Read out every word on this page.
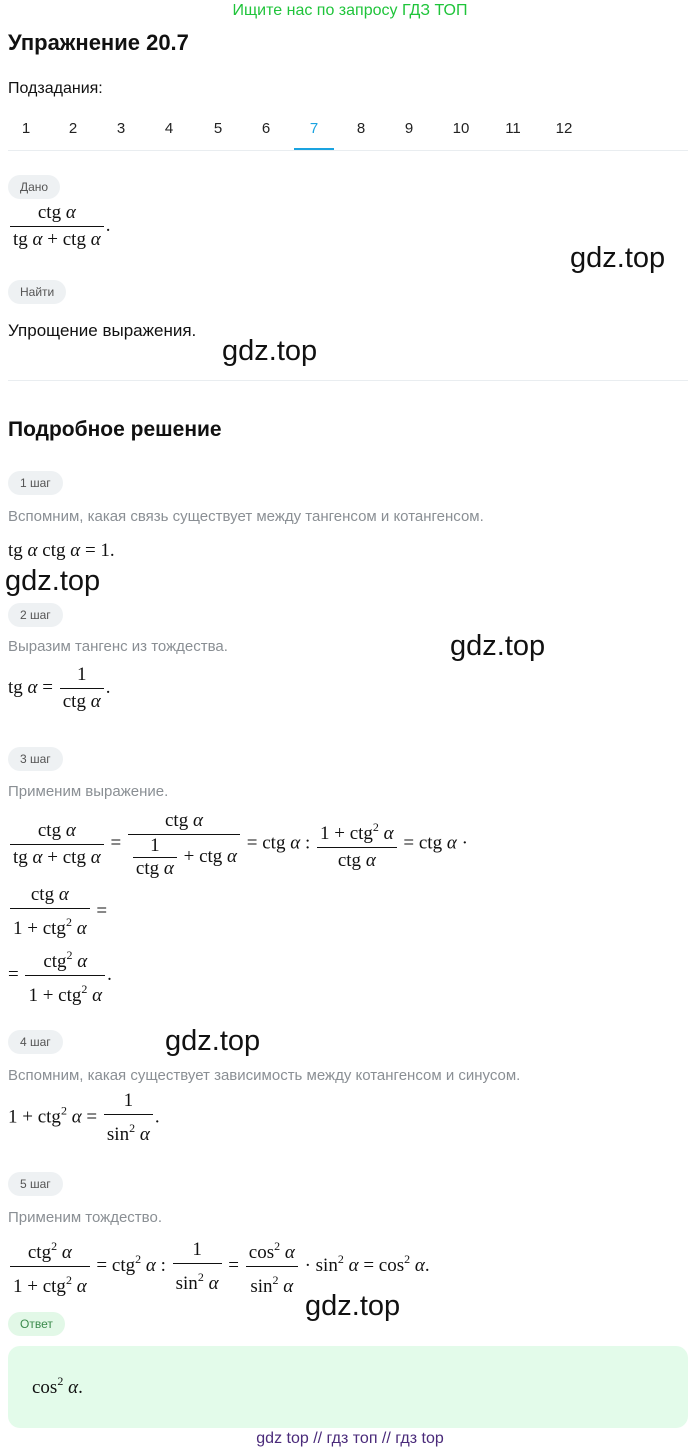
Ищите нас по запросу ГДЗ ТОП
Упражнение 20.7
Подзадания:
1	2	3	4	5	6	7	8	9	10	11	12
Дано
$\frac{\text{ctg α}}{\text{tg α + ctg α}}$ .
gdz.top
Найти
Упрощение выражения.
gdz.top
Подробное решение
1 шаг
Вспомним, какая связь существует между тангенсом и котангенсом.
tg α ctg α = 1.
gdz.top
2 шаг
Выразим тангенс из тождества.	gdz.top
tg $\alpha = \frac{1}{\text{ctg α}}$ .
3 шаг
Применим выражение.
$\frac{\text{ctg α}}{\text{tg α + ctg α}} = \frac{\text{ctg α}}{\frac{1}{\text{ctg α}} + ctg \alpha}$ = ctg α : $\frac{1 + ctg^2 \alpha}{\text{ctg α}}$ = ctg α ·
$\frac{\text{ctg α}}{1 + ctg^2 \alpha}$ =
= $\frac{ctg^2 \alpha}{1 + ctg^2 \alpha}$ .
4 шаг	gdz.top
Вспомним, какая существует зависимость между котангенсом и синусом.
1 + ctg$^2$ $\alpha = \frac{1}{\sin^2 \alpha}$ .
5 шаг
Применим тождество.
$\frac{ctg^2 \alpha}{1 + ctg^2 \alpha} = ctg^2$ α : $\frac{1}{\sin^2 \alpha} = \frac{\cos^2 \alpha}{\sin^2 \alpha} \cdot \sin^2 \alpha = \cos^2 \alpha$.
gdz.top
Ответ
$\cos^2 \alpha$.
gdz top // гдз топ // гдз top
